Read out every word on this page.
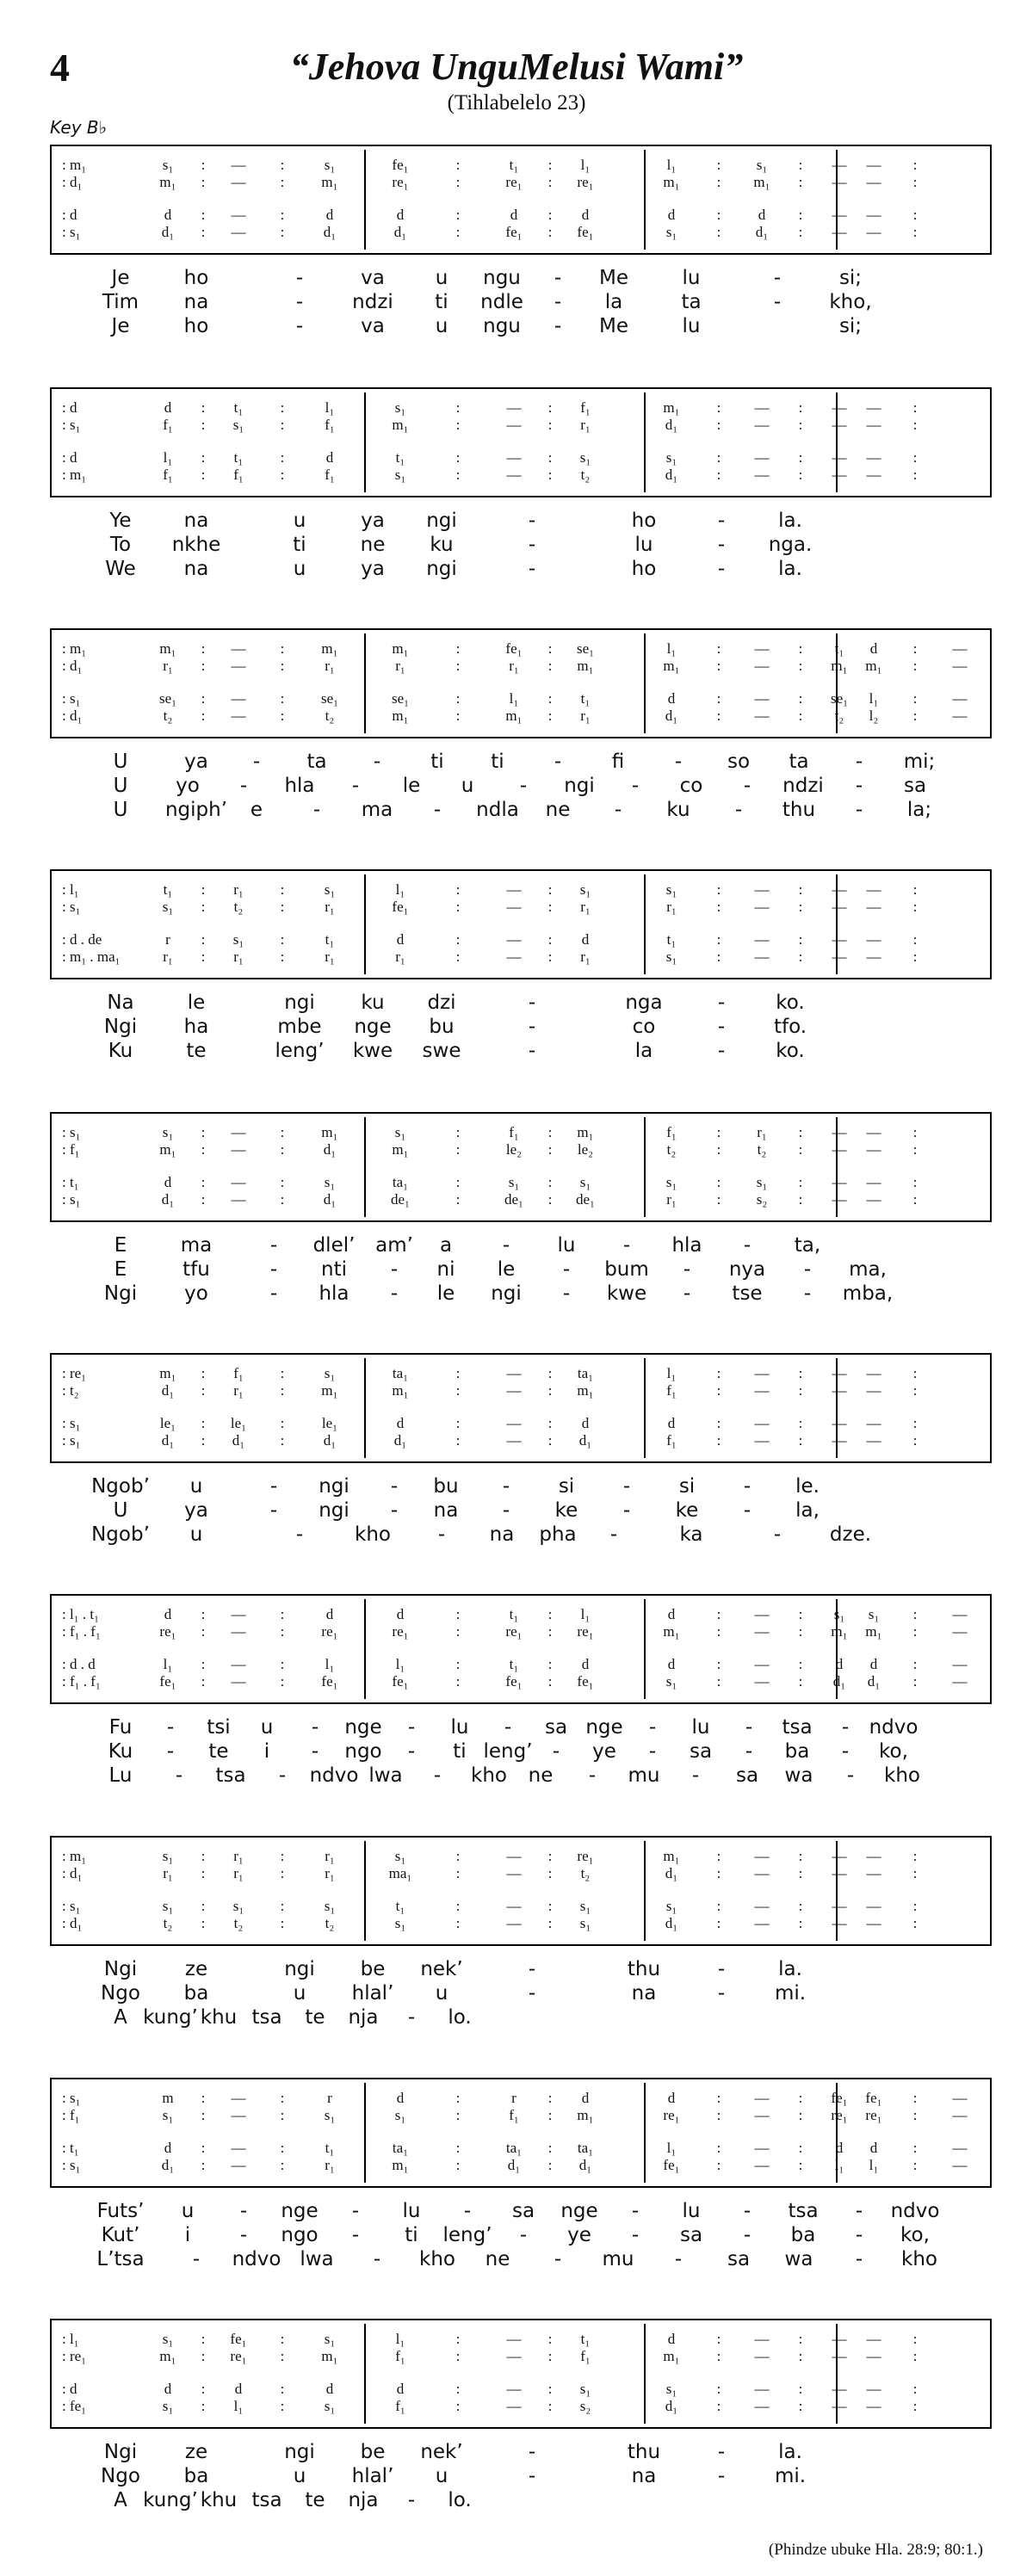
4	“Jehova UnguMelusi Wami”
(Tihlabelelo 23)
Key B♭
: m₁	s₁ : — :	s₁	fe₁	:	t₁ : l₁	l₁	: s₁ : — — :
: d₁	m₁ : — :	m₁	re₁	:	re₁ : re₁	m₁	: m₁ : — — :
: d	d : — :	d	d	:	d : d	d	:	d : — — :
: s₁	d₁ : — :	d₁	d₁	:	fe₁ : fe₁	s₁	: d₁ : — — :
Je	ho	-	va	u ngu - Me	lu	-	si;
Tim na	- ndzi ti ndle - la	ta	- kho,
Je	ho	-	va	u ngu - Me	lu	si;
: d	d : t₁	:	l₁	s₁	:	— : f₁	m₁	: — : — — :
: s₁	f₁ : s₁ :	f₁	m₁	:	— : r₁	d₁	: — : — — :
: d	l₁ : t₁	:	d	t₁	:	— : s₁	s₁	: — : — — :
: m₁	f₁ : f₁	:	f₁	s₁	:	— : t₂	d₁	: — : — — :
Ye	na	u	ya ngi	-	ho	-	la.
To nkhe	ti	ne ku	-	lu	- nga.
We na	u	ya ngi	-	ho	-	la.
: m₁	m₁ : — :	m₁	m₁	:	fe₁ : se₁	l₁	: — : t₁ d : —
: d₁	r₁ : — :	r₁	r₁	:	r₁ : m₁	m₁	: — : m₁ m₁ : —
: s₁	se₁ : — :	se₁	se₁	:	l₁ : t₁	d	: — : se₁ l₁ : —
: d₁	t₂ : — :	t₂	m₁	:	m₁ : r₁	d₁	: — : t₂ l₂ : —
U	ya - ta -	ti ti	-	fi	- so ta - mi;
U yo - hla - le u - ngi - co - ndzi - sa
U ngiph’ e	- ma - ndla ne - ku - thu - la;
: l₁	t₁ : r₁	:	s₁	l₁	:	— : s₁	s₁	: — : — — :
: s₁	s₁ : t₂	:	r₁	fe₁	:	— : r₁	r₁	: — : — — :
: d . de	r : s₁ :	t₁	d	:	— : d	t₁	: — : — — :
: m₁ . ma₁	r₁ : r₁	:	r₁	r₁	:	— : r₁	s₁	: — : — — :
Na	le	ngi ku dzi	-	nga	-	ko.
Ngi ha	mbe nge bu	-	co	- tfo.
Ku	te	leng’ kwe swe	-	la	-	ko.
: s₁	s₁ : — :	m₁	s₁	:	f₁ : m₁	f₁	: r₁ : — — :
: f₁	m₁ : — :	d₁	m₁	:	le₂ : le₂	t₂	: t₂ : — — :
: t₁	d : — :	s₁	ta₁	:	s₁ : s₁	s₁	: s₁ : — — :
: s₁	d₁ : — :	d₁	de₁	:	de₁ : de₁	r₁	: s₂ : — — :
E	ma	- dlel’ am’ a	- lu - hla - ta,
E	tfu	- nti - ni le - bum - nya - ma,
Ngi yo	- hla - le ngi - kwe - tse - mba,
: re₁	m₁ : f₁	:	s₁	ta₁	:	— : ta₁	l₁	: — : — — :
: t₂	d₁ : r₁	:	m₁	m₁	:	— : m₁	f₁	: — : — — :
: s₁	le₁ : le₁ :	le₁	d	:	— : d	d	: — : — — :
: s₁	d₁ : d₁ :	d₁	d₁	:	— : d₁	f₁	: — : — — :
Ngob’ u	- ngi - bu - si - si - le.
U	ya	- ngi - na - ke - ke - la,
Ngob’ u	-	kho - na pha -	ka	- dze.
: l₁ . t₁	d : — :	d	d	:	t₁ : l₁	d	: — : s₁ s₁ : —
: f₁ . f₁	re₁ : — :	re₁	re₁	:	re₁ : re₁	m₁	: — : m₁ m₁ : —
: d . d	l₁ : — :	l₁	l₁	:	t₁ : d	d	: — : d d : —
: f₁ . f₁	fe₁ : — :	fe₁	fe₁	:	fe₁ : fe₁	s₁	: — : d₁ d₁ : —
Fu - tsi u - nge - lu - sa nge - lu - tsa - ndvo
Ku - te i - ngo - ti leng’ - ye - sa - ba - ko,
Lu - tsa - ndvo lwa - kho ne - mu - sa wa - kho
: m₁	s₁ : r₁	:	r₁	s₁	:	— : re₁	m₁	: — : — — :
: d₁	r₁ : r₁	:	r₁	ma₁	:	— : t₂	d₁	: — : — — :
: s₁	s₁ : s₁ :	s₁	t₁	:	— : s₁	s₁	: — : — — :
: d₁	t₂ : t₂	:	t₂	s₁	:	— : s₁	d₁	: — : — — :
Ngi ze	ngi be nek’	-	thu	-	la.
Ngo ba	u hlal’ u	-	na	-	mi.
A kung’ khu tsa te nja - lo.
: s₁	m : — :	r	d	:	r : d	d	: — : fe₁ fe₁ : —
: f₁	s₁ : — :	s₁	s₁	:	f₁ : m₁	re₁	: — : re₁ re₁ : —
: t₁	d : — :	t₁	ta₁	:	ta₁ : ta₁	l₁	: — : d d : —
: s₁	d₁ : — :	r₁	m₁	:	d₁ : d₁	fe₁	: — : l₁ l₁ : —
Futs’ u - nge - lu - sa nge - lu - tsa - ndvo
Kut’ i	- ngo - ti leng’ - ye - sa - ba - ko,
L’tsa - ndvo lwa - kho ne - mu - sa wa - kho
: l₁	s₁ : fe₁ :	s₁	l₁	:	— : t₁	d	: — : — — :
: re₁	m₁ : re₁ :	m₁	f₁	:	— : f₁	m₁	: — : — — :
: d	d : d	:	d	d	:	— : s₁	s₁	: — : — — :
: fe₁	s₁ : l₁	:	s₁	f₁	:	— : s₂	d₁	: — : — — :
Ngi ze	ngi be nek’	-	thu	-	la.
Ngo ba	u hlal’ u	-	na	-	mi.
A kung’ khu tsa te nja - lo.
(Phindze ubuke Hla. 28:9; 80:1.)
